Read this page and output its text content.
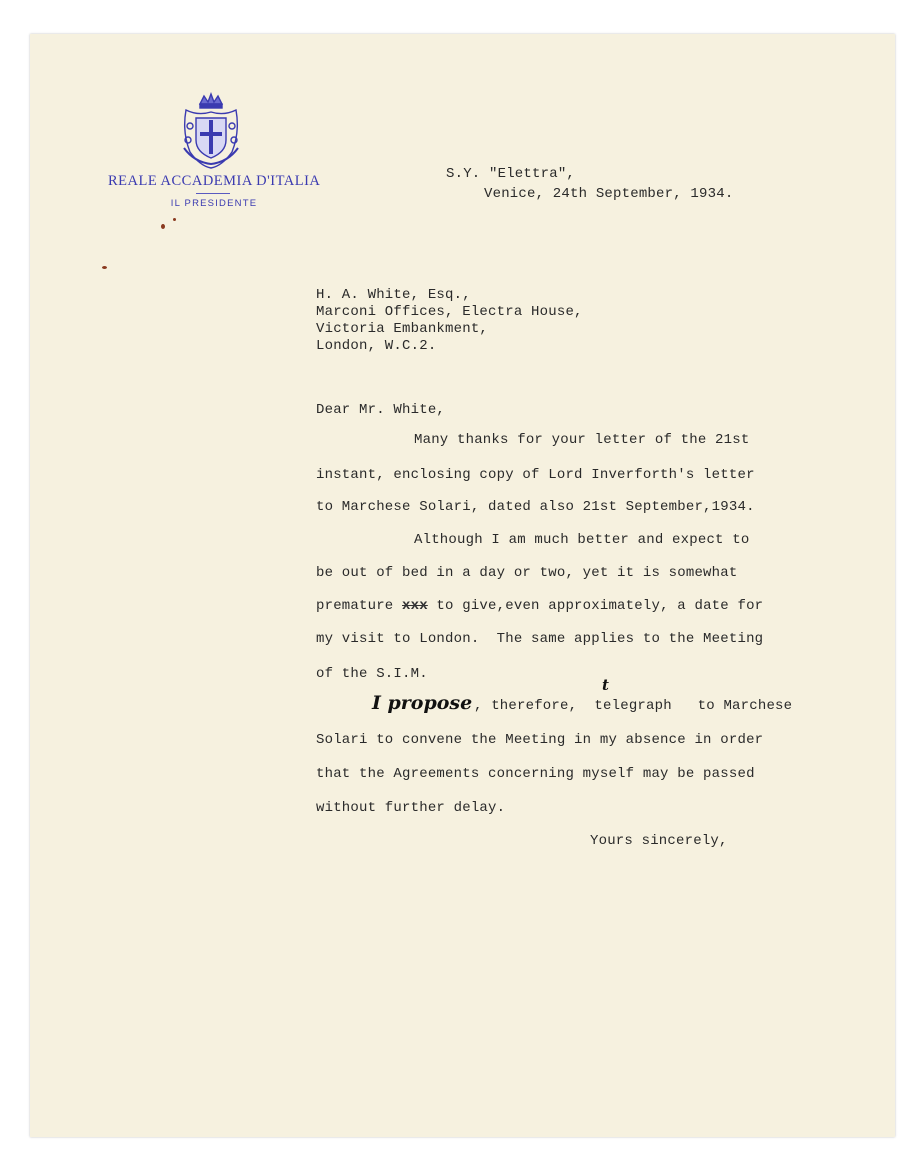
REALE ACCADEMIA D'ITALIA
IL PRESIDENTE
S.Y. "Elettra",
Venice, 24th September, 1934.
H. A. White, Esq.,
Marconi Offices, Electra House,
Victoria Embankment,
London, W.C.2.
Dear Mr. White,
Many thanks for your letter of the 21st
instant, enclosing copy of Lord Inverforth's letter
to Marchese Solari, dated also 21st September,1934.
Although I am much better and expect to
be out of bed in a day or two, yet it is somewhat
premature xxx to give,even approximately, a date for
my visit to London.  The same applies to the Meeting
of the S.I.M.
I propose
t
, therefore,  telegraph   to Marchese
Solari to convene the Meeting in my absence in order
that the Agreements concerning myself may be passed
without further delay.
Yours sincerely,
